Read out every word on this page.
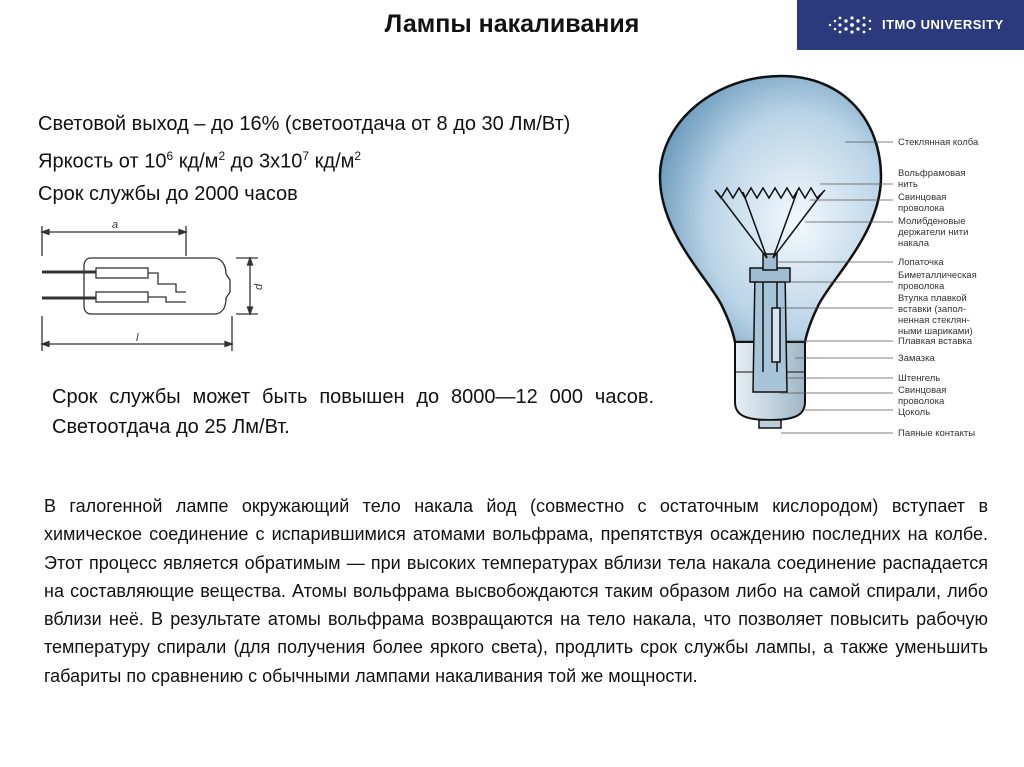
Лампы накаливания	ITMO UNIVERSITY
Световой выход – до 16% (светоотдача от 8 до 30 Лм/Вт)
Яркость от $10^6$ $кд/м^2$ до $3х10^7$ $кд/м^2$
Срок службы до 2000 часов
a
l
d
Срок службы может быть повышен до 8000—12 000 часов. Светоотдача до 25 Лм/Вт.
Стеклянная колба
Вольфрамовая
нить
Свинцовая
проволока
Молибденовые
держатели нити
накала
Лопаточка
Биметаллическая
проволока
Втулка плавкой
вставки (запол-
ненная стеклян-
ными шариками)
Плавкая вставка
Замазка
Штенгель
Свинцовая
проволока
Цоколь
Паяные контакты
В галогенной лампе окружающий тело накала йод (совместно с остаточным кислородом) вступает в химическое соединение с испарившимися атомами вольфрама, препятствуя осаждению последних на колбе. Этот процесс является обратимым — при высоких температурах вблизи тела накала соединение распадается на составляющие вещества. Атомы вольфрама высвобождаются таким образом либо на самой спирали, либо вблизи неё. В результате атомы вольфрама возвращаются на тело накала, что позволяет повысить рабочую температуру спирали (для получения более яркого света), продлить срок службы лампы, а также уменьшить габариты по сравнению с обычными лампами накаливания той же мощности.
